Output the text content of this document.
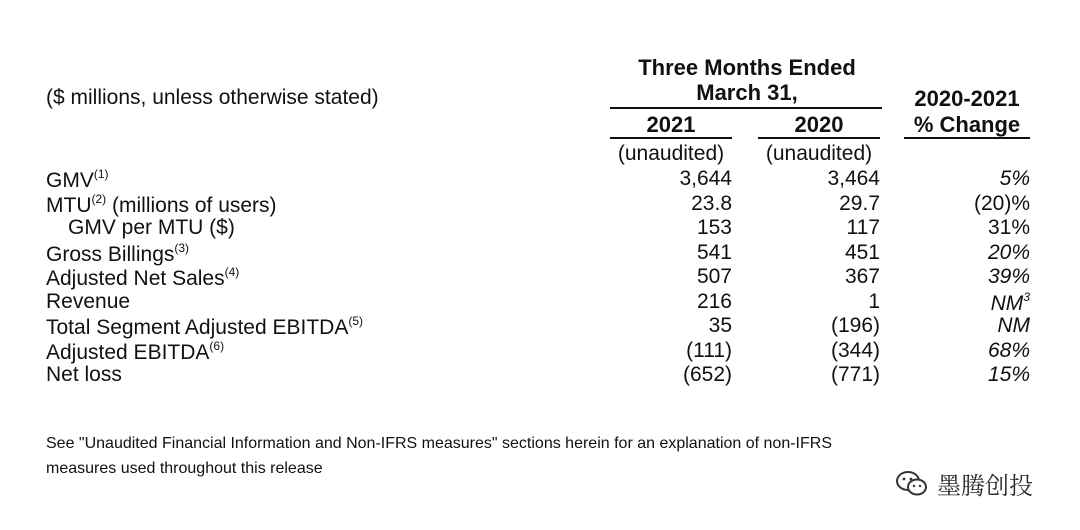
($ millions, unless otherwise stated)
Three Months Ended
March 31,
2021	2020
2020-2021
% Change
(unaudited)	(unaudited)
GMV$^{(1)}$	3,644	3,464	5%
MTU$^{(2)}$ (millions of users)	23.8	29.7	(20)%
GMV per MTU ($)	153	117	31%
Gross Billings$^{(3)}$	541	451	20%
Adjusted Net Sales$^{(4)}$	507	367	39%
Revenue	216	1	$NM^3$
Total Segment Adjusted EBITDA$^{(5)}$	35	(196)	NM
Adjusted EBITDA$^{(6)}$	(111)	(344)	68%
Net loss	(652)	(771)	15%
See "Unaudited Financial Information and Non-IFRS measures" sections herein for an explanation of non-IFRS
measures used throughout this release
墨腾创投
